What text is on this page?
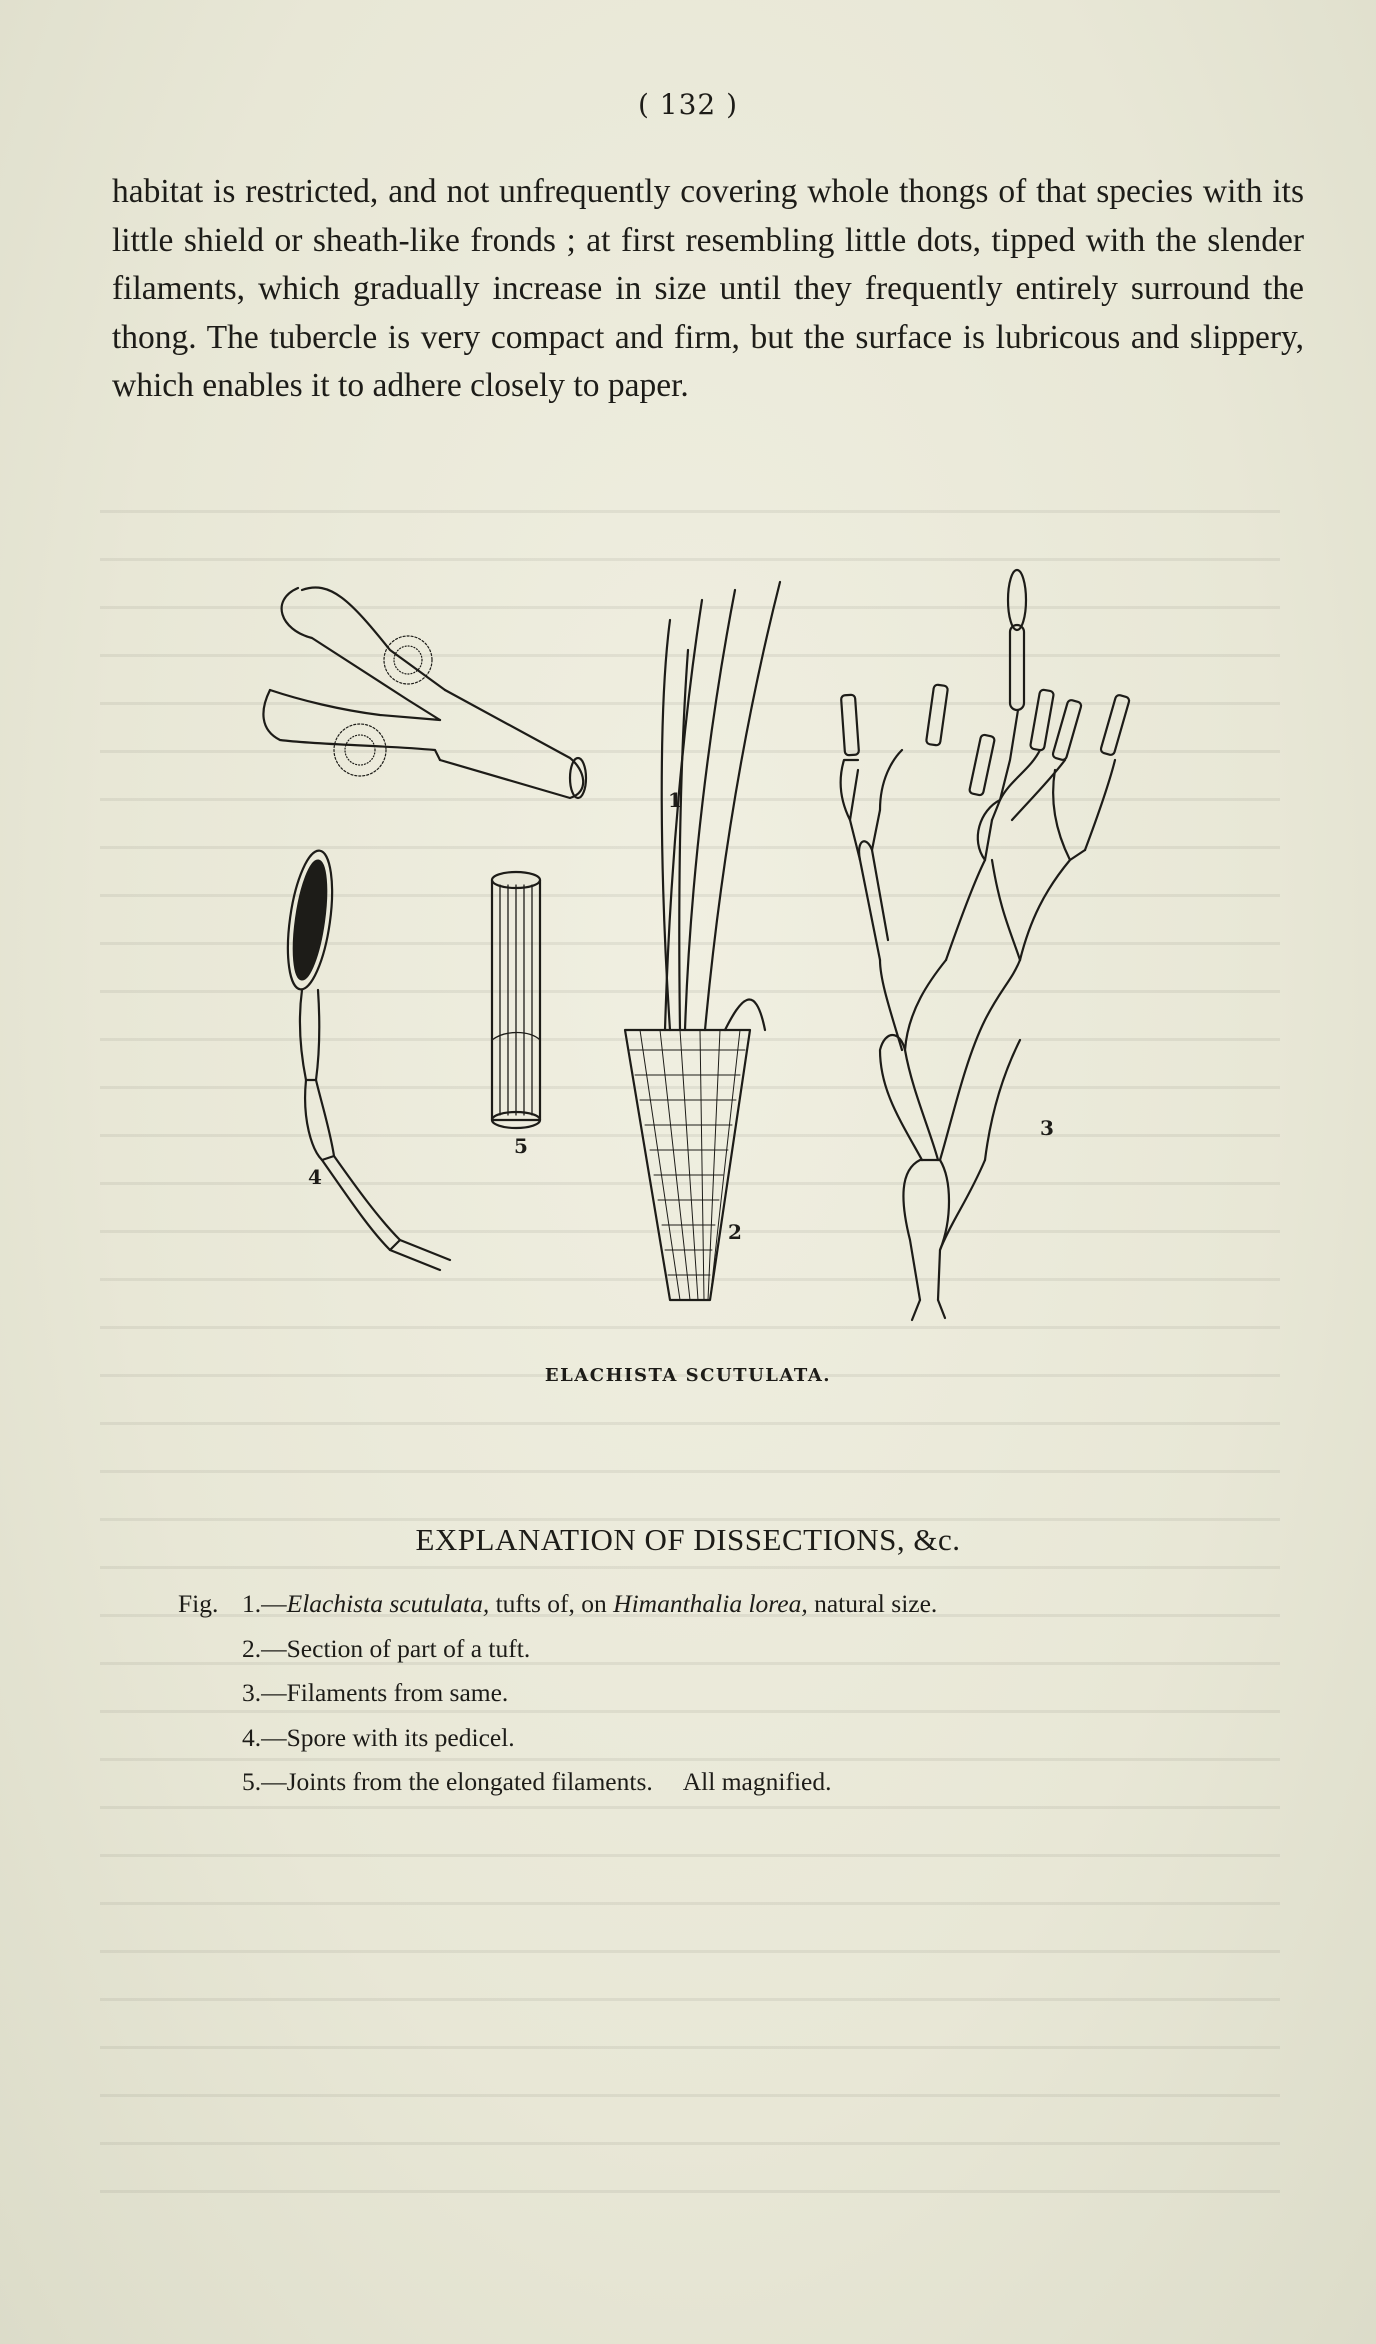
( 132 )
habitat is restricted, and not unfrequently covering whole thongs of that species with its little shield or sheath-like fronds ; at first resembling little dots, tipped with the slender filaments, which gradually increase in size until they frequently entirely surround the thong. The tubercle is very compact and firm, but the surface is lubricous and slippery, which enables it to adhere closely to paper.
1
2
3
4
5
ELACHISTA SCUTULATA.
EXPLANATION OF DISSECTIONS, &c.
Fig. 1.—Elachista scutulata, tufts of, on Himanthalia lorea, natural size.
2.—Section of part of a tuft.
3.—Filaments from same.
4.—Spore with its pedicel.
5.—Joints from the elongated filaments. All magnified.
